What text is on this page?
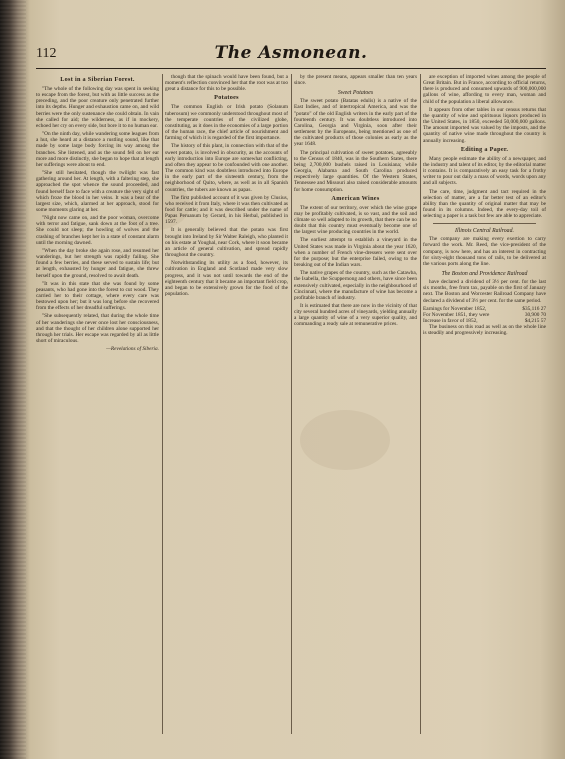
112	The Asmonean.
Lost in a Siberian Forest.

"The whole of the following day was spent in seeking to escape from the forest, but with as little success as the preceding, and the poor creature only penetrated further into its depths. Hunger and exhaustion came on, and wild berries were the only sustenance she could obtain. In vain she called for aid; the wilderness, as if in mockery, echoed her cry on every side, but bore it to no human ear.

"On the ninth day, while wandering some leagues from a hut, she heard at a distance a rustling sound, like that made by some large body forcing its way among the branches. She listened, and as the sound fell on her ear more and more distinctly, she began to hope that at length her sufferings were about to end.

"She still hesitated, though the twilight was fast gathering around her. At length, with a faltering step, she approached the spot whence the sound proceeded, and found herself face to face with a creature the very sight of which froze the blood in her veins. It was a bear of the largest size, which, alarmed at her approach, stood for some moments glaring at her.

"Night now came on, and the poor woman, overcome with terror and fatigue, sank down at the foot of a tree. She could not sleep; the howling of wolves and the crashing of branches kept her in a state of constant alarm until the morning dawned.

"When the day broke she again rose, and resumed her wanderings, but her strength was rapidly failing. She found a few berries, and these served to sustain life; but at length, exhausted by hunger and fatigue, she threw herself upon the ground, resolved to await death.

"It was in this state that she was found by some peasants, who had gone into the forest to cut wood. They carried her to their cottage, where every care was bestowed upon her; but it was long before she recovered from the effects of her dreadful sufferings.

"She subsequently related, that during the whole time of her wanderings she never once lost her consciousness, and that the thought of her children alone supported her through her trials. Her escape was regarded by all as little short of miraculous.

—Revelations of Siberia.

though that the spinach would have been found, but a moment's reflection convinced her that the root was at too great a distance for this to be possible.

Potatoes

The common English or Irish potato (Solanum tuberosum) we commonly understood throughout most of the temperate countries of the civilized globe, constituting, as it does in the economies of a large portion of the human race, the chief article of nourishment and farming of which it is regarded of the first importance.

The history of this plant, in connection with that of the sweet potato, is involved in obscurity, as the accounts of early introduction into Europe are somewhat conflicting, and often they appear to be confounded with one another. The common kind was doubtless introduced into Europe in the early part of the sixteenth century, from the neighborhood of Quito, where, as well as in all Spanish countries, the tubers are known as papas.

The first published account of it was given by Clusius, who received it from Italy, where it was then cultivated as food for cattle; and it was described under the name of Papas Peruanum by Gerard, in his Herbal, published in 1597.

It is generally believed that the potato was first brought into Ireland by Sir Walter Raleigh, who planted it on his estate at Youghal, near Cork, where it soon became an article of general cultivation, and spread rapidly throughout the country.

Notwithstanding its utility as a food, however, its cultivation in England and Scotland made very slow progress, and it was not until towards the end of the eighteenth century that it became an important field crop, and began to be extensively grown for the food of the population.

by the present means, appears smaller than ten years since.

Sweet Potatoes

The sweet potato (Batatas edulis) is a native of the East Indies, and of intertropical America, and was the "potato" of the old English writers in the early part of the fourteenth century. It was doubtless introduced into Carolina, Georgia and Virginia, soon after their settlement by the Europeans, being mentioned as one of the cultivated products of those colonies as early as the year 1648.

The principal cultivation of sweet potatoes, agreeably to the Census of 1840, was in the Southern States, there being 2,700,000 bushels raised in Louisiana; while Georgia, Alabama and South Carolina produced respectively large quantities. Of the Western States, Tennessee and Missouri also raised considerable amounts for home consumption.

American Wines

The extent of our territory, over which the wine grape may be profitably cultivated, is so vast, and the soil and climate so well adapted to its growth, that there can be no doubt that this country must eventually become one of the largest wine producing countries in the world.

The earliest attempt to establish a vineyard in the United States was made in Virginia about the year 1620, when a number of French vine-dressers were sent over for the purpose; but the enterprise failed, owing to the breaking out of the Indian wars.

The native grapes of the country, such as the Catawba, the Isabella, the Scuppernong and others, have since been extensively cultivated, especially in the neighbourhood of Cincinnati, where the manufacture of wine has become a profitable branch of industry.

It is estimated that there are now in the vicinity of that city several hundred acres of vineyards, yielding annually a large quantity of wine of a very superior quality, and commanding a ready sale at remunerative prices.

are exception of imported wines among the people of Great Britain. But in France, according to official returns, there is produced and consumed upwards of 900,000,000 gallons of wine, affording to every man, woman and child of the population a liberal allowance.

It appears from other tables in our census returns that the quantity of wine and spirituous liquors produced in the United States, in 1850, exceeded 50,000,000 gallons. The amount imported was valued by the imposts, and the quantity of native wine made throughout the country is annually increasing.

Editing a Paper.

Many people estimate the ability of a newspaper, and the industry and talent of its editor, by the editorial matter it contains. It is comparatively an easy task for a frothy writer to pour out daily a mass of words, words upon any and all subjects.

The care, time, judgment and tact required in the selection of matter, are a far better test of an editor's ability than the quantity of original matter that may be found in its columns. Indeed, the every-day toil of selecting a paper is a task but few are able to appreciate.

Illinois Central Railroad.

The company are making every exertion to carry forward the work. Mr. Reed, the vice-president of the company, is now here, and has an interest in contracting for sixty-eight thousand tons of rails, to be delivered at the various ports along the line.

The Boston and Providence Railroad

have declared a dividend of 3½ per cent. for the last six months, free from tax, payable on the first of January next. The Boston and Worcester Railroad Company have declared a dividend of 3½ per cent. for the same period.

Earnings for November 1852,	$35,116 27
For November 1851, they were	30,900 70
Increase in favor of 1852,	$4,215 57

The business on this road as well as on the whole line is steadily and progressively increasing.
